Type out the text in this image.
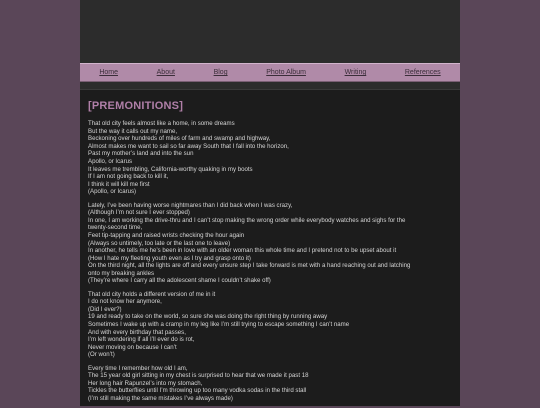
Home	About	Blog	Photo Album	Writing	References
[PREMONITIONS]
That old city feels almost like a home, in some dreams
But the way it calls out my name,
Beckoning over hundreds of miles of farm and swamp and highway,
Almost makes me want to sail so far away South that I fall into the horizon,
Past my mother’s land and into the sun
Apollo, or Icarus
It leaves me trembling, California-worthy quaking in my boots
If I am not going back to kill it,
I think it will kill me first
(Apollo, or Icarus)
Lately, I’ve been having worse nightmares than I did back when I was crazy,
(Although I’m not sure I ever stopped)
In one, I am working the drive-thru and I can’t stop making the wrong order while everybody watches and sighs for the
twenty-second time,
Feet tip-tapping and raised wrists checking the hour again
(Always so untimely, too late or the last one to leave)
In another, he tells me he’s been in love with an older woman this whole time and I pretend not to be upset about it
(How I hate my fleeting youth even as I try and grasp onto it)
On the third night, all the lights are off and every unsure step I take forward is met with a hand reaching out and latching
onto my breaking ankles
(They’re where I carry all the adolescent shame I couldn’t shake off)
That old city holds a different version of me in it
I do not know her anymore,
(Did I ever?)
19 and ready to take on the world, so sure she was doing the right thing by running away
Sometimes I wake up with a cramp in my leg like I’m still trying to escape something I can’t name
And with every birthday that passes,
I’m left wondering if all I’ll ever do is rot,
Never moving on because I can’t
(Or won’t)
Every time I remember how old I am,
The 15 year old girl sitting in my chest is surprised to hear that we made it past 18
Her long hair Rapunzel’s into my stomach,
Tickles the butterflies until I’m throwing up too many vodka sodas in the third stall
(I’m still making the same mistakes I’ve always made)
